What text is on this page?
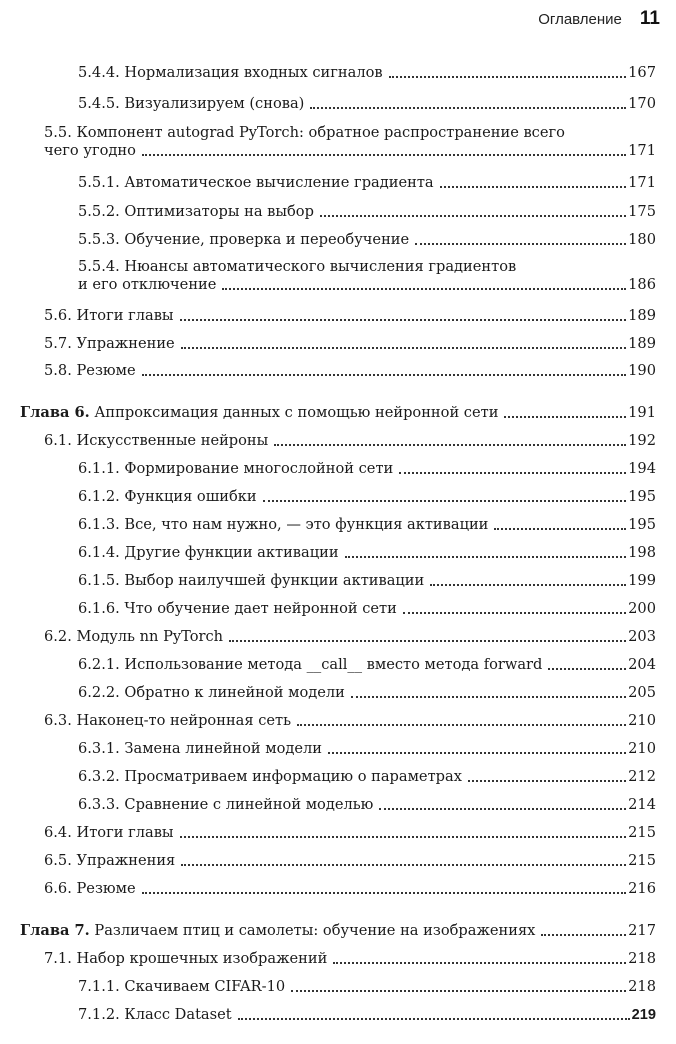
Оглавление 11
5.4.4. Нормализация входных сигналов	167
5.4.5. Визуализируем (снова)	170
5.5. Компонент autograd PyTorch: обратное распространение всего
чего угодно	171
5.5.1. Автоматическое вычисление градиента	171
5.5.2. Оптимизаторы на выбор	175
5.5.3. Обучение, проверка и переобучение	180
5.5.4. Нюансы автоматического вычисления градиентов
и его отключение	186
5.6. Итоги главы	189
5.7. Упражнение	189
5.8. Резюме	190
Глава 6. Аппроксимация данных с помощью нейронной сети	191
6.1. Искусственные нейроны	192
6.1.1. Формирование многослойной сети	194
6.1.2. Функция ошибки	195
6.1.3. Все, что нам нужно, — это функция активации	195
6.1.4. Другие функции активации	198
6.1.5. Выбор наилучшей функции активации	199
6.1.6. Что обучение дает нейронной сети	200
6.2. Модуль nn PyTorch	203
6.2.1. Использование метода __call__ вместо метода forward	204
6.2.2. Обратно к линейной модели	205
6.3. Наконец-то нейронная сеть	210
6.3.1. Замена линейной модели	210
6.3.2. Просматриваем информацию о параметрах	212
6.3.3. Сравнение с линейной моделью	214
6.4. Итоги главы	215
6.5. Упражнения	215
6.6. Резюме	216
Глава 7. Различаем птиц и самолеты: обучение на изображениях	217
7.1. Набор крошечных изображений	218
7.1.1. Скачиваем CIFAR-10	218
7.1.2. Класс Dataset	219
